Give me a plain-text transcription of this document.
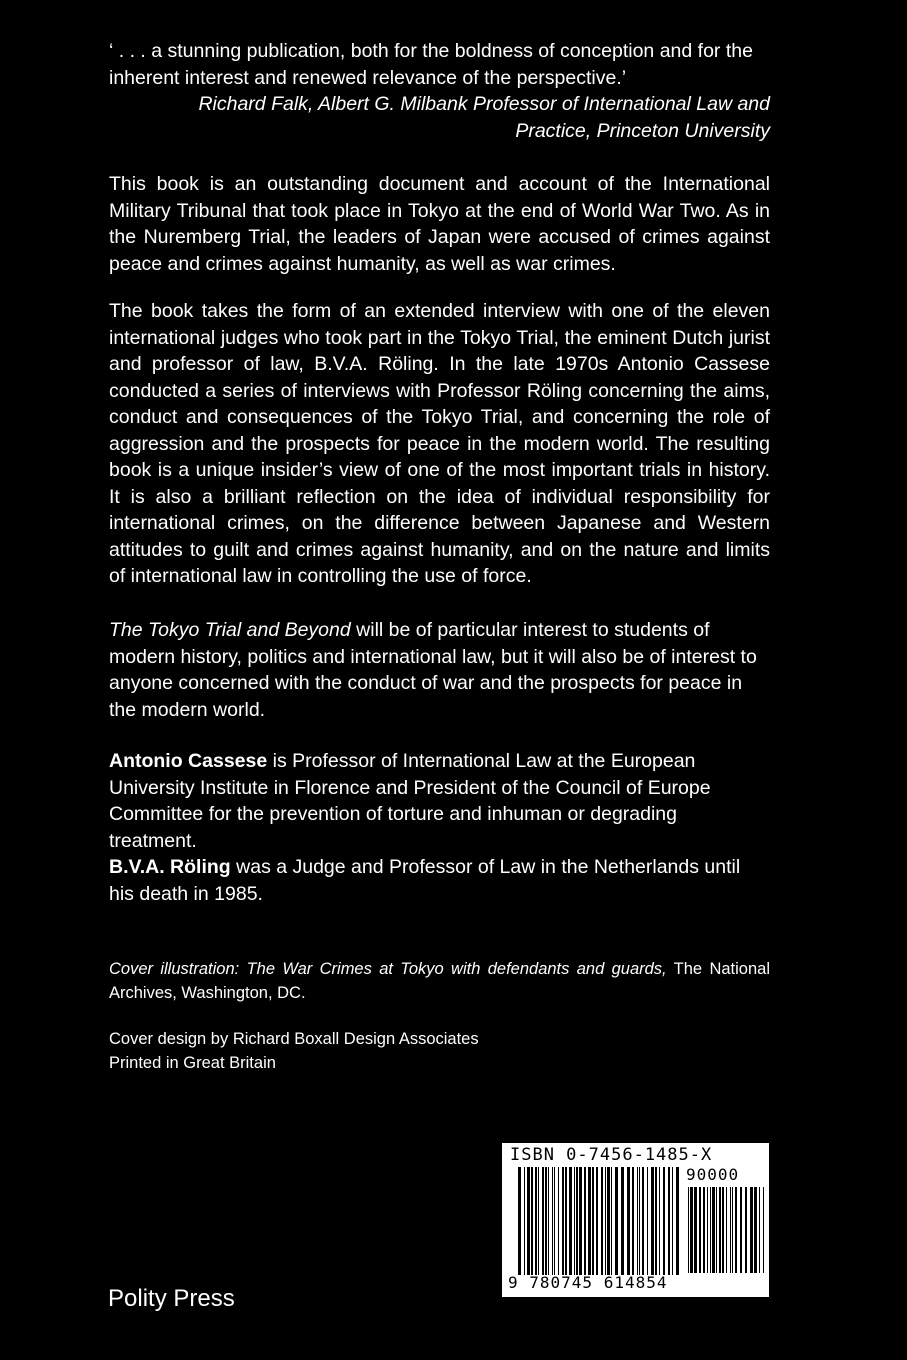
‘ . . . a stunning publication, both for the boldness of conception and for the inherent interest and renewed relevance of the perspective.’

Richard Falk, Albert G. Milbank Professor of International Law and
Practice, Princeton University

This book is an outstanding document and account of the International Military Tribunal that took place in Tokyo at the end of World War Two. As in the Nuremberg Trial, the leaders of Japan were accused of crimes against peace and crimes against humanity, as well as war crimes.

The book takes the form of an extended interview with one of the eleven international judges who took part in the Tokyo Trial, the eminent Dutch jurist and professor of law, B.V.A. Röling. In the late 1970s Antonio Cassese conducted a series of interviews with Professor Röling concerning the aims, conduct and consequences of the Tokyo Trial, and concerning the role of aggression and the prospects for peace in the modern world. The resulting book is a unique insider’s view of one of the most important trials in history. It is also a brilliant reflection on the idea of individual responsibility for international crimes, on the difference between Japanese and Western attitudes to guilt and crimes against humanity, and on the nature and limits of international law in controlling the use of force.

The Tokyo Trial and Beyond will be of particular interest to students of modern history, politics and international law, but it will also be of interest to anyone concerned with the conduct of war and the prospects for peace in the modern world.

Antonio Cassese is Professor of International Law at the European University Institute in Florence and President of the Council of Europe Committee for the prevention of torture and inhuman or degrading treatment.

B.V.A. Röling was a Judge and Professor of Law in the Netherlands until his death in 1985.

Cover illustration: The War Crimes at Tokyo with defendants and guards, The National Archives, Washington, DC.

Cover design by Richard Boxall Design Associates
Printed in Great Britain
Polity Press
ISBN 0-7456-1485-X
90000
9 780745 614854
